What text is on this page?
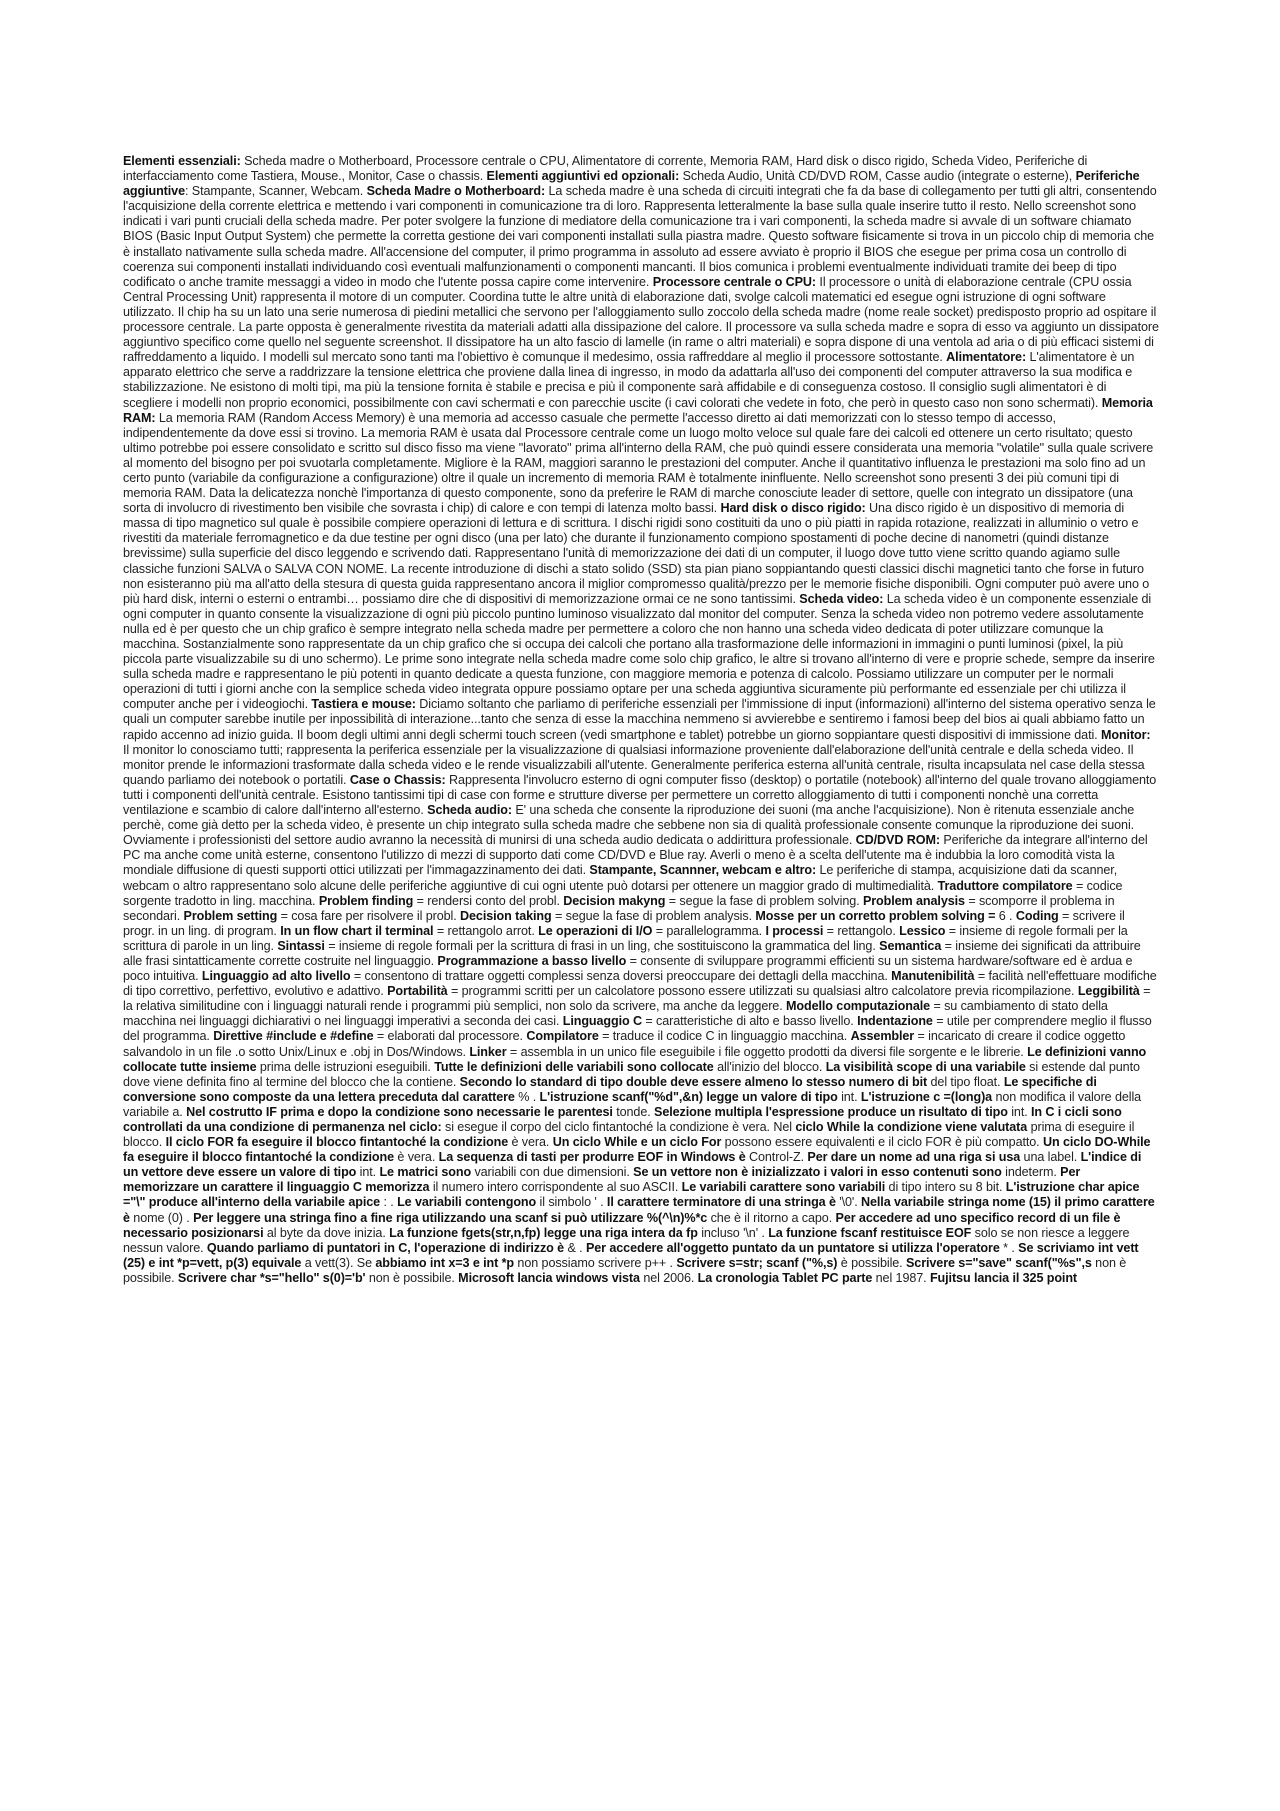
Elementi essenziali: Scheda madre o Motherboard, Processore centrale o CPU, Alimentatore di corrente, Memoria RAM, Hard disk o disco rigido, Scheda Video, Periferiche di interfacciamento come Tastiera, Mouse., Monitor, Case o chassis. Elementi aggiuntivi ed opzionali: Scheda Audio, Unità CD/DVD ROM, Casse audio (integrate o esterne), Periferiche aggiuntive: Stampante, Scanner, Webcam. Scheda Madre o Motherboard: La scheda madre è una scheda di circuiti integrati che fa da base di collegamento per tutti gli altri, consentendo l'acquisizione della corrente elettrica e mettendo i vari componenti in comunicazione tra di loro. Rappresenta letteralmente la base sulla quale inserire tutto il resto. Nello screenshot sono indicati i vari punti cruciali della scheda madre. Per poter svolgere la funzione di mediatore della comunicazione tra i vari componenti, la scheda madre si avvale di un software chiamato BIOS (Basic Input Output System) che permette la corretta gestione dei vari componenti installati sulla piastra madre. Questo software fisicamente si trova in un piccolo chip di memoria che è installato nativamente sulla scheda madre. All'accensione del computer, il primo programma in assoluto ad essere avviato è proprio il BIOS che esegue per prima cosa un controllo di coerenza sui componenti installati individuando così eventuali malfunzionamenti o componenti mancanti. Il bios comunica i problemi eventualmente individuati tramite dei beep di tipo codificato o anche tramite messaggi a video in modo che l'utente possa capire come intervenire. Processore centrale o CPU: Il processore o unità di elaborazione centrale (CPU ossia Central Processing Unit) rappresenta il motore di un computer. Coordina tutte le altre unità di elaborazione dati, svolge calcoli matematici ed esegue ogni istruzione di ogni software utilizzato. Il chip ha su un lato una serie numerosa di piedini metallici che servono per l'alloggiamento sullo zoccolo della scheda madre (nome reale socket) predisposto proprio ad ospitare il processore centrale. La parte opposta è generalmente rivestita da materiali adatti alla dissipazione del calore. Il processore va sulla scheda madre e sopra di esso va aggiunto un dissipatore aggiuntivo specifico come quello nel seguente screenshot. Il dissipatore ha un alto fascio di lamelle (in rame o altri materiali) e sopra dispone di una ventola ad aria o di più efficaci sistemi di raffreddamento a liquido. I modelli sul mercato sono tanti ma l'obiettivo è comunque il medesimo, ossia raffreddare al meglio il processore sottostante. Alimentatore: L'alimentatore è un apparato elettrico che serve a raddrizzare la tensione elettrica che proviene dalla linea di ingresso, in modo da adattarla all'uso dei componenti del computer attraverso la sua modifica e stabilizzazione. Ne esistono di molti tipi, ma più la tensione fornita è stabile e precisa e più il componente sarà affidabile e di conseguenza costoso. Il consiglio sugli alimentatori è di scegliere i modelli non proprio economici, possibilmente con cavi schermati e con parecchie uscite (i cavi colorati che vedete in foto, che però in questo caso non sono schermati). Memoria RAM: La memoria RAM (Random Access Memory) è una memoria ad accesso casuale che permette l'accesso diretto ai dati memorizzati con lo stesso tempo di accesso, indipendentemente da dove essi si trovino. La memoria RAM è usata dal Processore centrale come un luogo molto veloce sul quale fare dei calcoli ed ottenere un certo risultato; questo ultimo potrebbe poi essere consolidato e scritto sul disco fisso ma viene "lavorato" prima all'interno della RAM, che può quindi essere considerata una memoria "volatile" sulla quale scrivere al momento del bisogno per poi svuotarla completamente. Migliore è la RAM, maggiori saranno le prestazioni del computer. Anche il quantitativo influenza le prestazioni ma solo fino ad un certo punto (variabile da configurazione a configurazione) oltre il quale un incremento di memoria RAM è totalmente ininfluente. Nello screenshot sono presenti 3 dei più comuni tipi di memoria RAM. Data la delicatezza nonchè l'importanza di questo componente, sono da preferire le RAM di marche conosciute leader di settore, quelle con integrato un dissipatore (una sorta di involucro di rivestimento ben visibile che sovrasta i chip) di calore e con tempi di latenza molto bassi. Hard disk o disco rigido: Una disco rigido è un dispositivo di memoria di massa di tipo magnetico sul quale è possibile compiere operazioni di lettura e di scrittura. I dischi rigidi sono costituiti da uno o più piatti in rapida rotazione, realizzati in alluminio o vetro e rivestiti da materiale ferromagnetico e da due testine per ogni disco (una per lato) che durante il funzionamento compiono spostamenti di poche decine di nanometri (quindi distanze brevissime) sulla superficie del disco leggendo e scrivendo dati. Rappresentano l'unità di memorizzazione dei dati di un computer, il luogo dove tutto viene scritto quando agiamo sulle classiche funzioni SALVA o SALVA CON NOME. La recente introduzione di dischi a stato solido (SSD) sta pian piano soppiantando questi classici dischi magnetici tanto che forse in futuro non esisteranno più ma all'atto della stesura di questa guida rappresentano ancora il miglior compromesso qualità/prezzo per le memorie fisiche disponibili. Ogni computer può avere uno o più hard disk, interni o esterni o entrambi… possiamo dire che di dispositivi di memorizzazione ormai ce ne sono tantissimi. Scheda video: La scheda video è un componente essenziale di ogni computer in quanto consente la visualizzazione di ogni più piccolo puntino luminoso visualizzato dal monitor del computer. Senza la scheda video non potremo vedere assolutamente nulla ed è per questo che un chip grafico è sempre integrato nella scheda madre per permettere a coloro che non hanno una scheda video dedicata di poter utilizzare comunque la macchina. Sostanzialmente sono rappresentate da un chip grafico che si occupa dei calcoli che portano alla trasformazione delle informazioni in immagini o punti luminosi (pixel, la più piccola parte visualizzabile su di uno schermo). Le prime sono integrate nella scheda madre come solo chip grafico, le altre si trovano all'interno di vere e proprie schede, sempre da inserire sulla scheda madre e rappresentano le più potenti in quanto dedicate a questa funzione, con maggiore memoria e potenza di calcolo. Possiamo utilizzare un computer per le normali operazioni di tutti i giorni anche con la semplice scheda video integrata oppure possiamo optare per una scheda aggiuntiva sicuramente più performante ed essenziale per chi utilizza il computer anche per i videogiochi. Tastiera e mouse: Diciamo soltanto che parliamo di periferiche essenziali per l'immissione di input (informazioni) all'interno del sistema operativo senza le quali un computer sarebbe inutile per inpossibilità di interazione...tanto che senza di esse la macchina nemmeno si avvierebbe e sentiremo i famosi beep del bios ai quali abbiamo fatto un rapido accenno ad inizio guida. Il boom degli ultimi anni degli schermi touch screen (vedi smartphone e tablet) potrebbe un giorno soppiantare questi dispositivi di immissione dati. Monitor: Il monitor lo conosciamo tutti; rappresenta la periferica essenziale per la visualizzazione di qualsiasi informazione proveniente dall'elaborazione dell'unità centrale e della scheda video. Il monitor prende le informazioni trasformate dalla scheda video e le rende visualizzabili all'utente. Generalmente periferica esterna all'unità centrale, risulta incapsulata nel case della stessa quando parliamo dei notebook o portatili. Case o Chassis: Rappresenta l'involucro esterno di ogni computer fisso (desktop) o portatile (notebook) all'interno del quale trovano alloggiamento tutti i componenti dell'unità centrale. Esistono tantissimi tipi di case con forme e strutture diverse per permettere un corretto alloggiamento di tutti i componenti nonchè una corretta ventilazione e scambio di calore dall'interno all'esterno. Scheda audio: E' una scheda che consente la riproduzione dei suoni (ma anche l'acquisizione). Non è ritenuta essenziale anche perchè, come già detto per la scheda video, è presente un chip integrato sulla scheda madre che sebbene non sia di qualità professionale consente comunque la riproduzione dei suoni. Ovviamente i professionisti del settore audio avranno la necessità di munirsi di una scheda audio dedicata o addirittura professionale. CD/DVD ROM: Periferiche da integrare all'interno del PC ma anche come unità esterne, consentono l'utilizzo di mezzi di supporto dati come CD/DVD e Blue ray. Averli o meno è a scelta dell'utente ma è indubbia la loro comodità vista la mondiale diffusione di questi supporti ottici utilizzati per l'immagazzinamento dei dati. Stampante, Scannner, webcam e altro: Le periferiche di stampa, acquisizione dati da scanner, webcam o altro rappresentano solo alcune delle periferiche aggiuntive di cui ogni utente può dotarsi per ottenere un maggior grado di multimedialità. Traduttore compilatore = codice sorgente tradotto in ling. macchina. Problem finding = rendersi conto del probl. Decision makyng = segue la fase di problem solving. Problem analysis = scomporre il problema in secondari. Problem setting = cosa fare per risolvere il probl. Decision taking = segue la fase di problem analysis. Mosse per un corretto problem solving = 6 . Coding = scrivere il progr. in un ling. di program. In un flow chart il terminal = rettangolo arrot. Le operazioni di I/O = parallelogramma. I processi = rettangolo. Lessico = insieme di regole formali per la scrittura di parole in un ling. Sintassi = insieme di regole formali per la scrittura di frasi in un ling, che sostituiscono la grammatica del ling. Semantica = insieme dei significati da attribuire alle frasi sintatticamente corrette costruite nel linguaggio. Programmazione a basso livello = consente di sviluppare programmi efficienti su un sistema hardware/software ed è ardua e poco intuitiva. Linguaggio ad alto livello = consentono di trattare oggetti complessi senza doversi preoccupare dei dettagli della macchina. Manutenibilità = facilità nell'effettuare modifiche di tipo correttivo, perfettivo, evolutivo e adattivo. Portabilità = programmi scritti per un calcolatore possono essere utilizzati su qualsiasi altro calcolatore previa ricompilazione. Leggibilità = la relativa similitudine con i linguaggi naturali rende i programmi più semplici, non solo da scrivere, ma anche da leggere. Modello computazionale = su cambiamento di stato della macchina nei linguaggi dichiarativi o nei linguaggi imperativi a seconda dei casi. Linguaggio C = caratteristiche di alto e basso livello. Indentazione = utile per comprendere meglio il flusso del programma. Direttive #include e #define = elaborati dal processore. Compilatore = traduce il codice C in linguaggio macchina. Assembler = incaricato di creare il codice oggetto salvandolo in un file .o sotto Unix/Linux e .obj in Dos/Windows. Linker = assembla in un unico file eseguibile i file oggetto prodotti da diversi file sorgente e le librerie. Le definizioni vanno collocate tutte insieme prima delle istruzioni eseguibili. Tutte le definizioni delle variabili sono collocate all'inizio del blocco. La visibilità scope di una variabile si estende dal punto dove viene definita fino al termine del blocco che la contiene. Secondo lo standard di tipo double deve essere almeno lo stesso numero di bit del tipo float. Le specifiche di conversione sono composte da una lettera preceduta dal carattere % . L'istruzione scanf("%d",&n) legge un valore di tipo int. L'istruzione c =(long)a non modifica il valore della variabile a. Nel costrutto IF prima e dopo la condizione sono necessarie le parentesi tonde. Selezione multipla l'espressione produce un risultato di tipo int. In C i cicli sono controllati da una condizione di permanenza nel ciclo: si esegue il corpo del ciclo fintantoché la condizione è vera. Nel ciclo While la condizione viene valutata prima di eseguire il blocco. Il ciclo FOR fa eseguire il blocco fintantoché la condizione è vera. Un ciclo While e un ciclo For possono essere equivalenti e il ciclo FOR è più compatto. Un ciclo DO-While fa eseguire il blocco fintantoché la condizione è vera. La sequenza di tasti per produrre EOF in Windows è Control-Z. Per dare un nome ad una riga si usa una label. L'indice di un vettore deve essere un valore di tipo int. Le matrici sono variabili con due dimensioni. Se un vettore non è inizializzato i valori in esso contenuti sono indeterm. Per memorizzare un carattere il linguaggio C memorizza il numero intero corrispondente al suo ASCII. Le variabili carattere sono variabili di tipo intero su 8 bit. L'istruzione char apice ="\" produce all'interno della variabile apice : . Le variabili contengono il simbolo ' . Il carattere terminatore di una stringa è '\0'. Nella variabile stringa nome (15) il primo carattere è nome (0) . Per leggere una stringa fino a fine riga utilizzando una scanf si può utilizzare %(^\n)%*c che è il ritorno a capo. Per accedere ad uno specifico record di un file è necessario posizionarsi al byte da dove inizia. La funzione fgets(str,n,fp) legge una riga intera da fp incluso '\n' . La funzione fscanf restituisce EOF solo se non riesce a leggere nessun valore. Quando parliamo di puntatori in C, l'operazione di indirizzo è & . Per accedere all'oggetto puntato da un puntatore si utilizza l'operatore * . Se scriviamo int vett (25) e int *p=vett, p(3) equivale a vett(3). Se abbiamo int x=3 e int *p non possiamo scrivere p++ . Scrivere s=str; scanf ("%,s) è possibile. Scrivere s="save" scanf("%s",s non è possibile. Scrivere char *s="hello" s(0)='b' non è possibile. Microsoft lancia windows vista nel 2006. La cronologia Tablet PC parte nel 1987. Fujitsu lancia il 325 point
